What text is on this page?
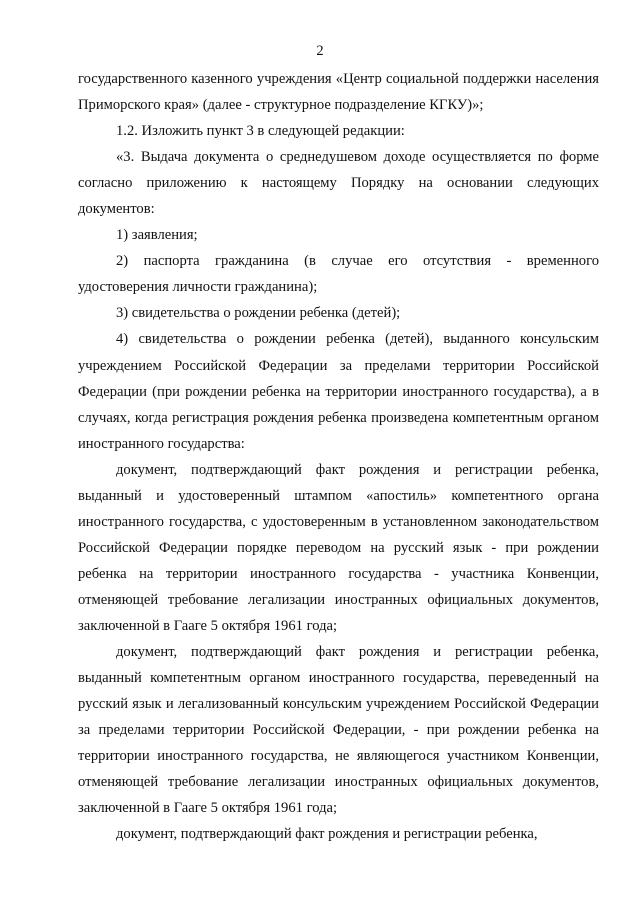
2

государственного казенного учреждения «Центр социальной поддержки населения Приморского края» (далее - структурное подразделение КГКУ)»;

1.2. Изложить пункт 3 в следующей редакции:

«3. Выдача документа о среднедушевом доходе осуществляется по форме согласно приложению к настоящему Порядку на основании следующих документов:

1) заявления;

2) паспорта гражданина (в случае его отсутствия - временного удостоверения личности гражданина);

3) свидетельства о рождении ребенка (детей);

4) свидетельства о рождении ребенка (детей), выданного консульским учреждением Российской Федерации за пределами территории Российской Федерации (при рождении ребенка на территории иностранного государства), а в случаях, когда регистрация рождения ребенка произведена компетентным органом иностранного государства:

документ, подтверждающий факт рождения и регистрации ребенка, выданный и удостоверенный штампом «апостиль» компетентного органа иностранного государства, с удостоверенным в установленном законодательством Российской Федерации порядке переводом на русский язык - при рождении ребенка на территории иностранного государства - участника Конвенции, отменяющей требование легализации иностранных официальных документов, заключенной в Гааге 5 октября 1961 года;

документ, подтверждающий факт рождения и регистрации ребенка, выданный компетентным органом иностранного государства, переведенный на русский язык и легализованный консульским учреждением Российской Федерации за пределами территории Российской Федерации, - при рождении ребенка на территории иностранного государства, не являющегося участником Конвенции, отменяющей требование легализации иностранных официальных документов, заключенной в Гааге 5 октября 1961 года;

документ, подтверждающий факт рождения и регистрации ребенка,
